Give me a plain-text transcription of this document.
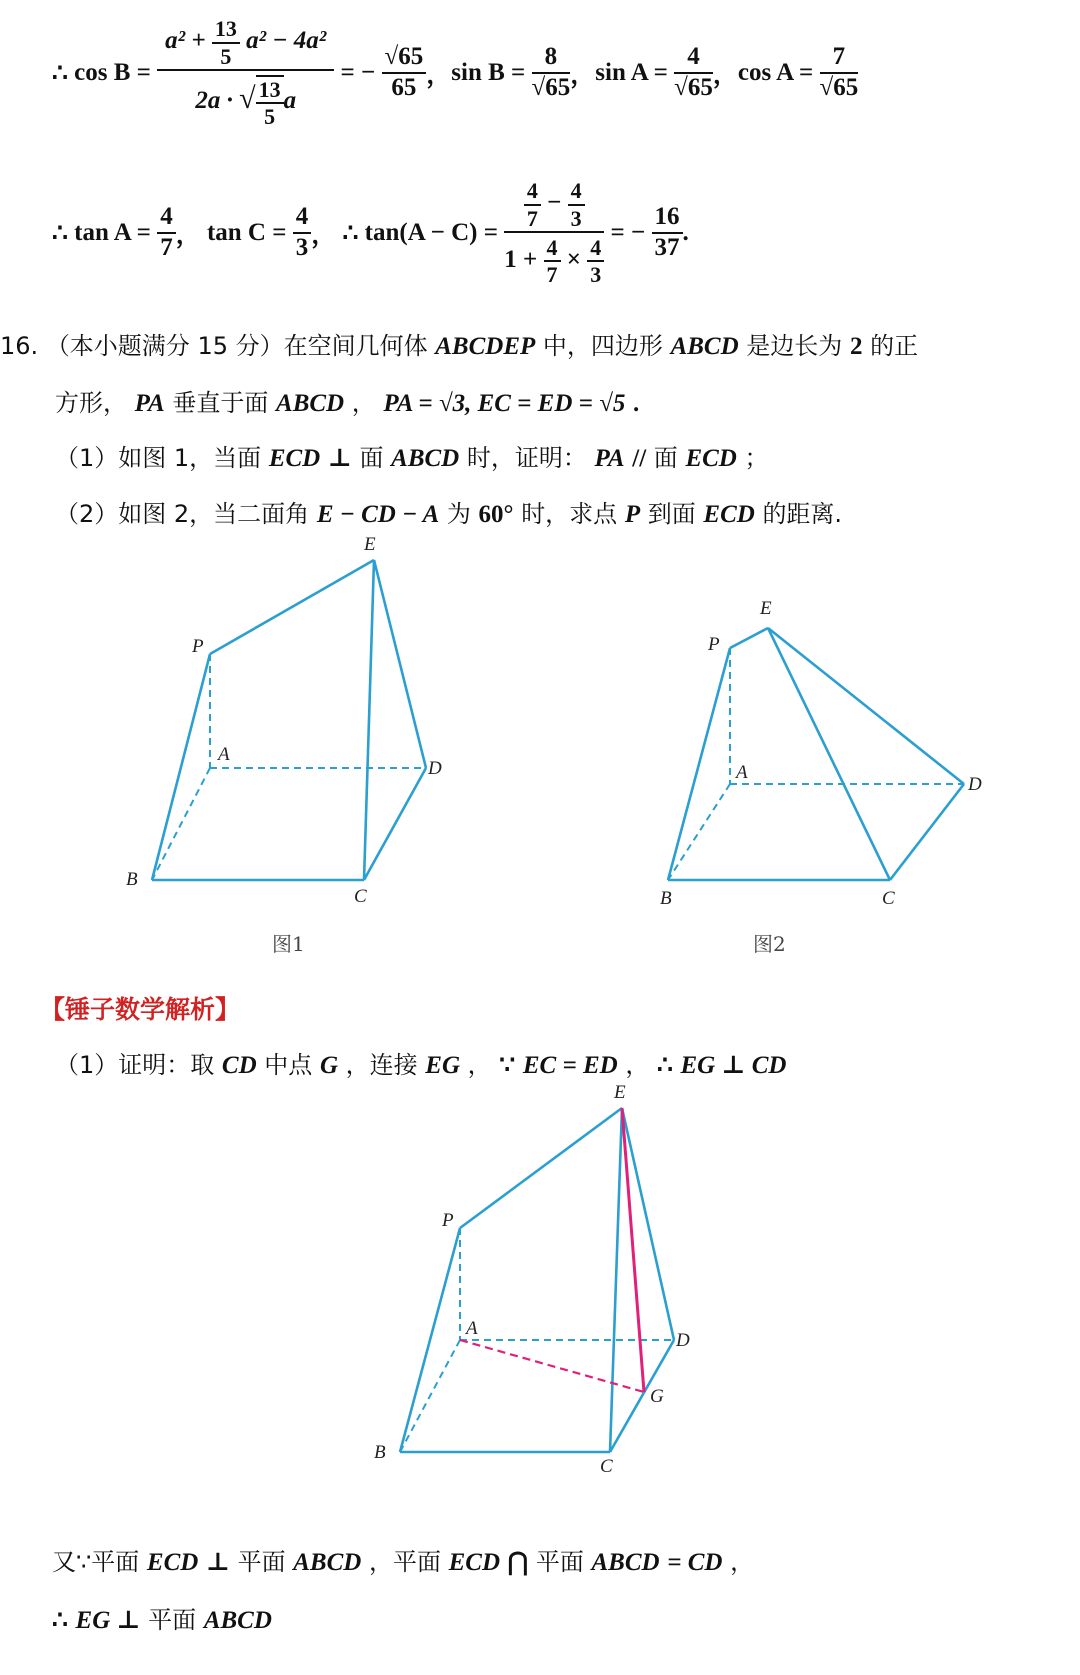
∴
cos B =
$\frac{a^2 + \frac{13}{5} a^2 - 4a^2}{2a \cdot √ \frac{13}{5} a}$
= −
$\frac{√65}{65}$ ， sin B =
$\frac{8}{√65}$ ， sin A =
$\frac{4}{√65}$ ， cos A =
$\frac{7}{√65}$
∴
tan A =
$\frac{4}{7}$ ，
tan C =
$\frac{4}{3}$ ，
∴
tan(A − C) =
$\frac{\frac{4}{7} - \frac{4}{3}}{1 + \frac{4}{7} \times \frac{4}{3}}$
= −
$\frac{16}{37}$ .
16. （本小题满分 15 分）在空间几何体 ABCDEP 中，四边形 ABCD 是边长为 2 的正
方形， PA 垂直于面 ABCD ， PA = √3, EC = ED = √5 .
（1）如图 1，当面 ECD ⊥ 面 ABCD 时，证明： PA // 面 ECD ；
（2）如图 2，当二面角 E − CD − A 为 60° 时，求点 P 到面 ECD 的距离.
E
P
A
D
B
C
图1
E
P
A
D
B	C
图2
【锤子数学解析】
（1）证明：取 CD 中点 G ，连接 EG ， ∵ EC = ED ， ∴ EG ⊥ CD
E
P
A
D
G
B
C
又∵平面 ECD ⊥ 平面 ABCD ，平面 ECD ⋂ 平面 ABCD = CD ，
∴ EG ⊥ 平面 ABCD
